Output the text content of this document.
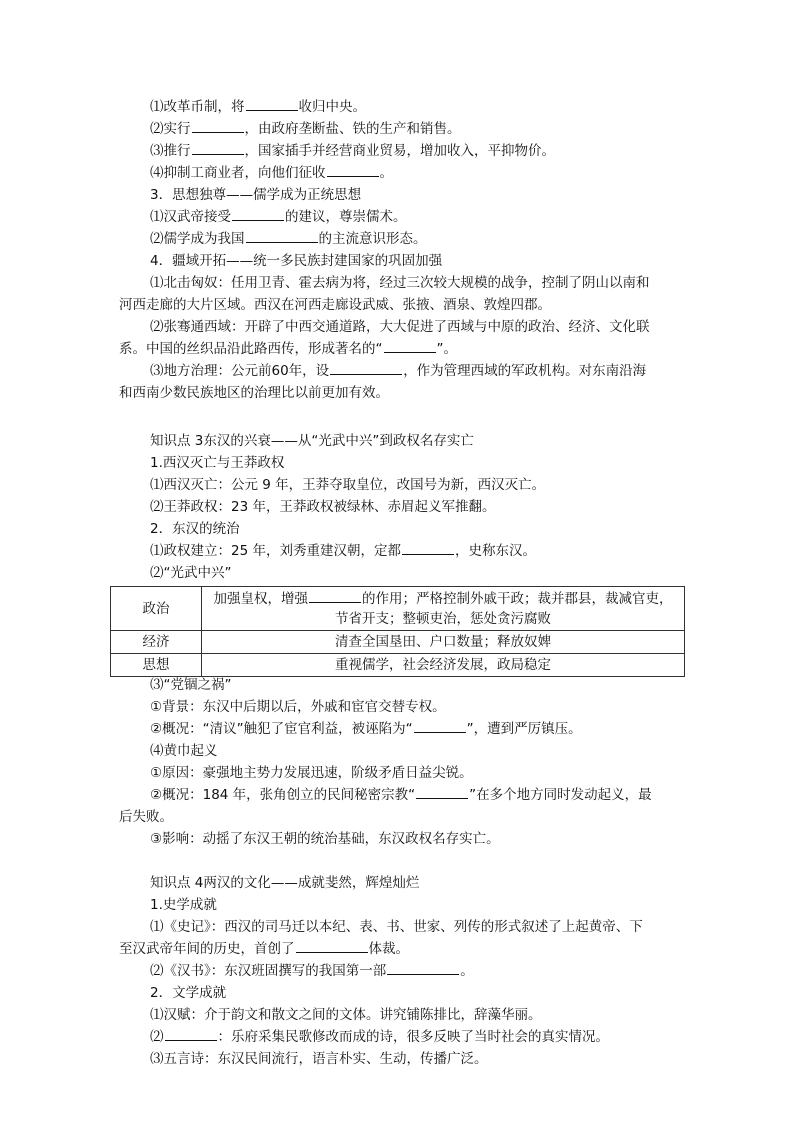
⑴改革币制，将	收归中央。
⑵实行	，由政府垄断盐、铁的生产和销售。
⑶推行	，国家插手并经营商业贸易，增加收入，平抑物价。
⑷抑制工商业者，向他们征收	。
3．思想独尊——儒学成为正统思想
⑴汉武帝接受	的建议，尊崇儒术。
⑵儒学成为我国	的主流意识形态。
4．疆域开拓——统一多民族封建国家的巩固加强
⑴北击匈奴：任用卫青、霍去病为将，经过三次较大规模的战争，控制了阴山以南和
河西走廊的大片区域。西汉在河西走廊设武威、张掖、酒泉、敦煌四郡。
⑵张骞通西域：开辟了中西交通道路，大大促进了西域与中原的政治、经济、文化联
系。中国的丝织品沿此路西传，形成著名的“	”。
⑶地方治理：公元前60年，设	，作为管理西域的军政机构。对东南沿海
和西南少数民族地区的治理比以前更加有效。
知识点 3东汉的兴衰——从“光武中兴”到政权名存实亡
1.西汉灭亡与王莽政权
⑴西汉灭亡：公元 9 年，王莽夺取皇位，改国号为新，西汉灭亡。
⑵王莽政权：23 年，王莽政权被绿林、赤眉起义军推翻。
2．东汉的统治
⑴政权建立：25 年，刘秀重建汉朝，定都	，史称东汉。
⑵“光武中兴”
政治	加强皇权，增强 的作用；严格控制外戚干政；裁并郡县，裁减官吏，
节省开支；整顿吏治，惩处贪污腐败
经济	清查全国垦田、户口数量；释放奴婢
思想	重视儒学，社会经济发展，政局稳定
⑶“党锢之祸”
①背景：东汉中后期以后，外戚和宦官交替专权。
②概况：“清议”触犯了宦官利益，被诬陷为“	”，遭到严厉镇压。
⑷黄巾起义
①原因：豪强地主势力发展迅速，阶级矛盾日益尖锐。
②概况：184 年，张角创立的民间秘密宗教“	”在多个地方同时发动起义，最
后失败。
③影响：动摇了东汉王朝的统治基础，东汉政权名存实亡。
知识点 4两汉的文化——成就斐然，辉煌灿烂
1.史学成就
⑴《史记》：西汉的司马迁以本纪、表、书、世家、列传的形式叙述了上起黄帝、下
至汉武帝年间的历史，首创了	体裁。
⑵《汉书》：东汉班固撰写的我国第一部	。
2．文学成就
⑴汉赋：介于韵文和散文之间的文体。讲究铺陈排比，辞藻华丽。
⑵	：乐府采集民歌修改而成的诗，很多反映了当时社会的真实情况。
⑶五言诗：东汉民间流行，语言朴实、生动，传播广泛。
